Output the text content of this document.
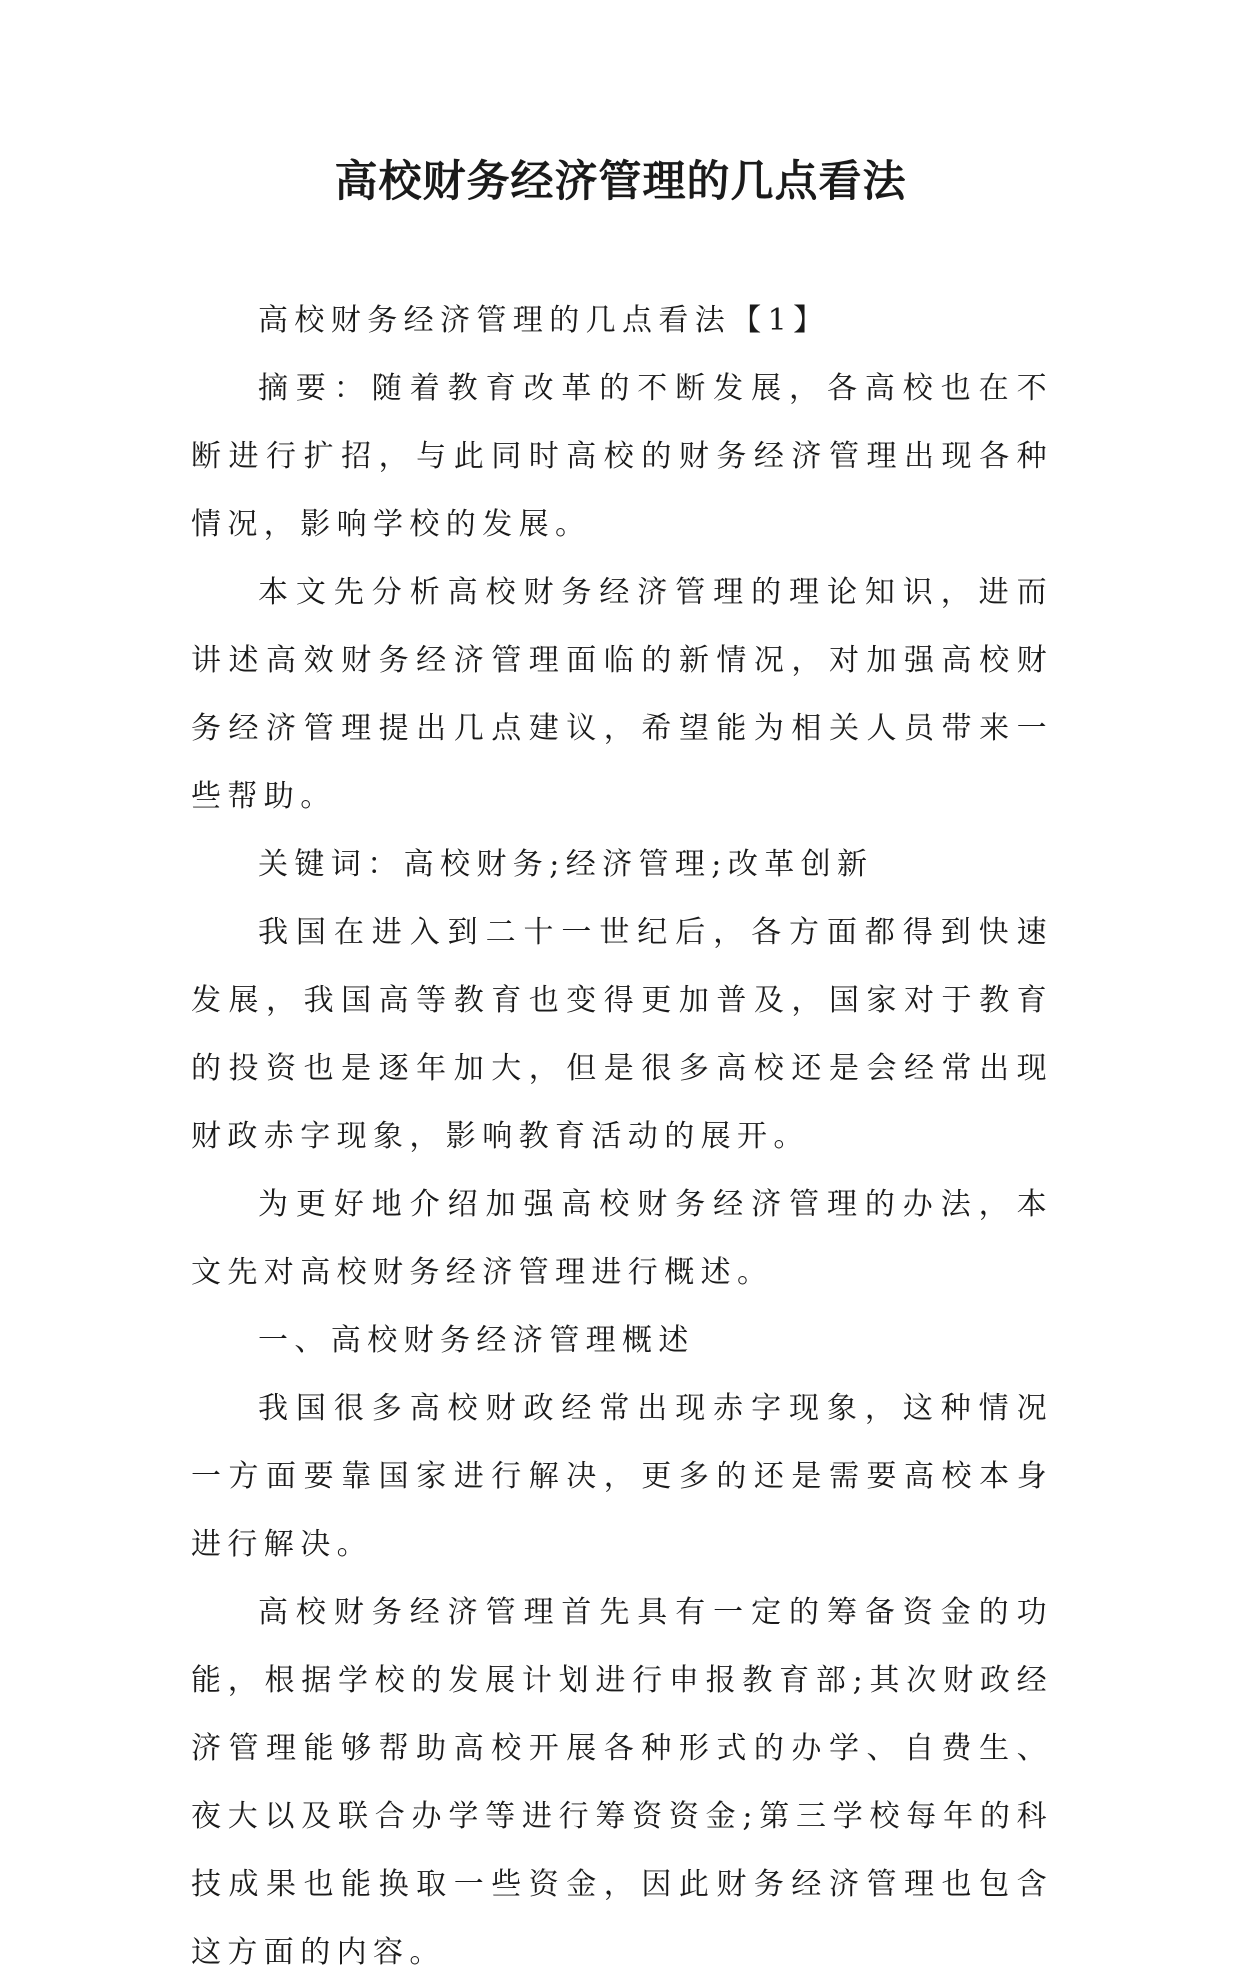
高校财务经济管理的几点看法

高校财务经济管理的几点看法【1】

摘要：随着教育改革的不断发展，各高校也在不断进行扩招，与此同时高校的财务经济管理出现各种情况，影响学校的发展。

本文先分析高校财务经济管理的理论知识，进而讲述高效财务经济管理面临的新情况，对加强高校财务经济管理提出几点建议，希望能为相关人员带来一些帮助。

关键词：高校财务;经济管理;改革创新

我国在进入到二十一世纪后，各方面都得到快速发展，我国高等教育也变得更加普及，国家对于教育的投资也是逐年加大，但是很多高校还是会经常出现财政赤字现象，影响教育活动的展开。

为更好地介绍加强高校财务经济管理的办法，本文先对高校财务经济管理进行概述。

一、高校财务经济管理概述

我国很多高校财政经常出现赤字现象，这种情况一方面要靠国家进行解决，更多的还是需要高校本身进行解决。

高校财务经济管理首先具有一定的筹备资金的功能，根据学校的发展计划进行申报教育部;其次财政经济管理能够帮助高校开展各种形式的办学、自费生、夜大以及联合办学等进行筹资资金;第三学校每年的科技成果也能换取一些资金，因此财务经济管理也包含这方面的内容。
